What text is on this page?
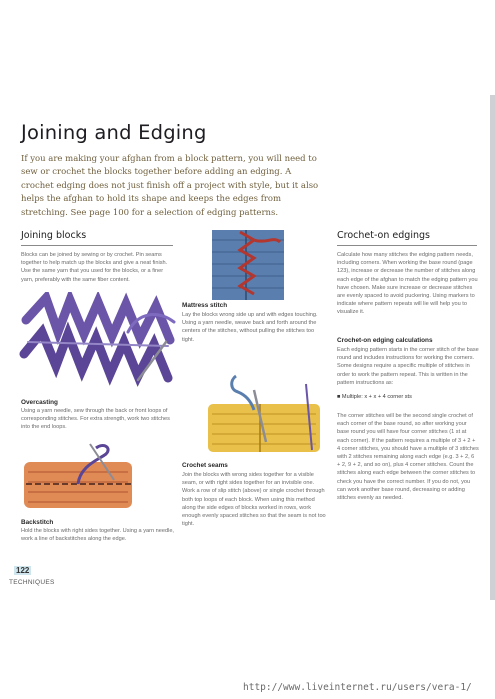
Joining and Edging
If you are making your afghan from a block pattern, you will need to sew or crochet the blocks together before adding an edging. A crochet edging does not just finish off a project with style, but it also helps the afghan to hold its shape and keeps the edges from stretching. See page 100 for a selection of edging patterns.
Joining blocks
Blocks can be joined by sewing or by crochet. Pin seams together to help match up the blocks and give a neat finish. Use the same yarn that you used for the blocks, or a finer yarn, preferably with the same fiber content.
Overcasting
Using a yarn needle, sew through the back or front loops of corresponding stitches. For extra strength, work two stitches into the end loops.
Backstitch
Hold the blocks with right sides together. Using a yarn needle, work a line of backstitches along the edge.
Mattress stitch
Lay the blocks wrong side up and with edges touching. Using a yarn needle, weave back and forth around the centers of the stitches, without pulling the stitches too tight.
Crochet seams
Join the blocks with wrong sides together for a visible seam, or with right sides together for an invisible one. Work a row of slip stitch (above) or single crochet through both top loops of each block. When using this method along the side edges of blocks worked in rows, work enough evenly spaced stitches so that the seam is not too tight.
Crochet-on edgings
Calculate how many stitches the edging pattern needs, including corners. When working the base round (page 123), increase or decrease the number of stitches along each edge of the afghan to match the edging pattern you have chosen. Make sure increase or decrease stitches are evenly spaced to avoid puckering. Using markers to indicate where pattern repeats will lie will help you to visualize it.
Crochet-on edging calculations
Each edging pattern starts in the corner stitch of the base round and includes instructions for working the corners. Some designs require a specific multiple of stitches in order to work the pattern repeat. This is written in the pattern instructions as:
■ Multiple: x + x + 4 corner sts
The corner stitches will be the second single crochet of each corner of the base round, so after working your base round you will have four corner stitches (1 st at each corner). If the pattern requires a multiple of 3 + 2 + 4 corner stitches, you should have a multiple of 3 stitches with 2 stitches remaining along each edge (e.g. 3 + 2, 6 + 2, 9 + 2, and so on), plus 4 corner stitches. Count the stitches along each edge between the corner stitches to check you have the correct number. If you do not, you can work another base round, decreasing or adding stitches evenly as needed.
122
TECHNIQUES
http://www.liveinternet.ru/users/vera-1/
